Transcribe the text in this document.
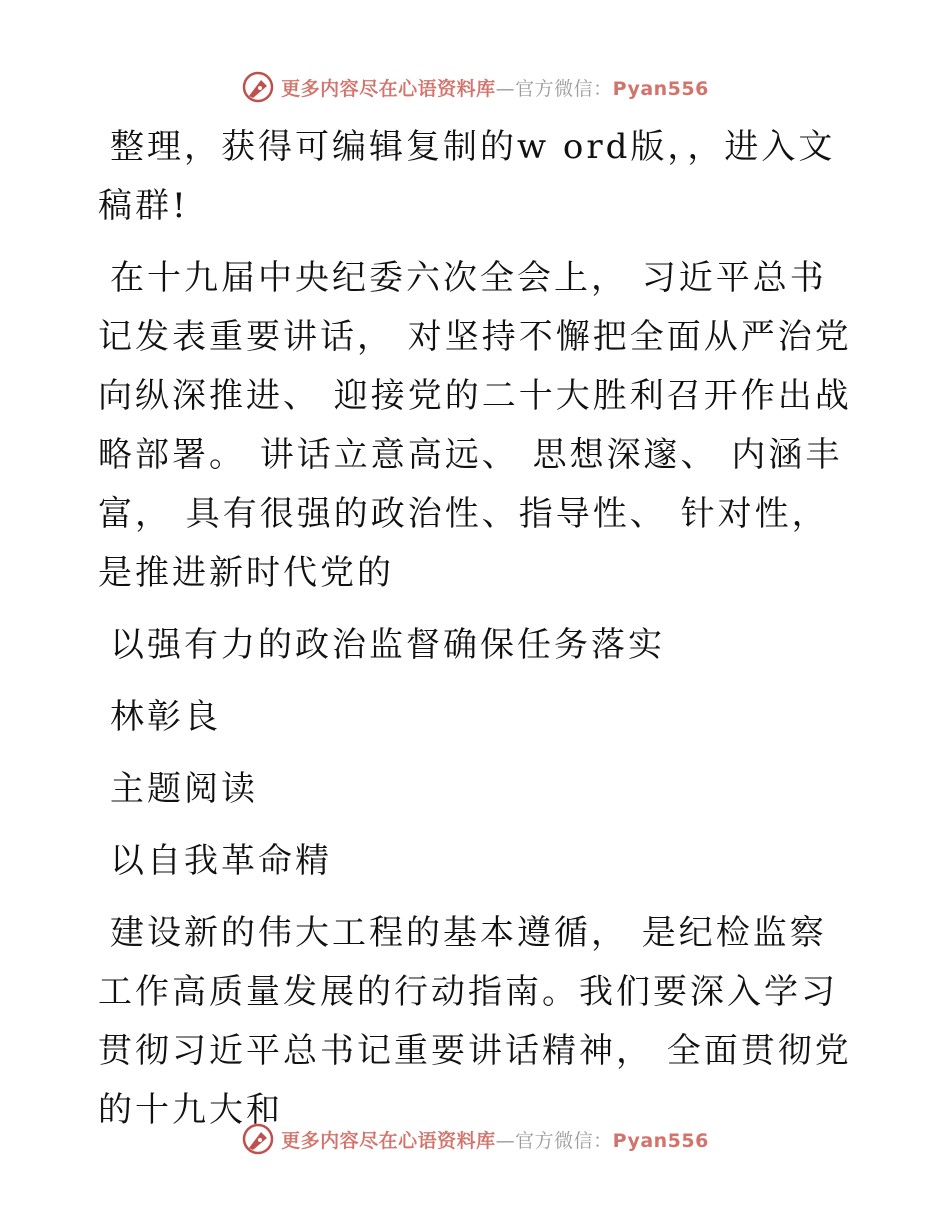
更多内容尽在心语资料库—官方微信：Pyan556

整理，获得可编辑复制的w ord版，，进入文稿群!

在十九届中央纪委六次全会上， 习近平总书记发表重要讲话， 对坚持不懈把全面从严治党向纵深推进、 迎接党的二十大胜利召开作出战略部署。 讲话立意高远、 思想深邃、 内涵丰富， 具有很强的政治性、指导性、 针对性， 是推进新时代党的

以强有力的政治监督确保任务落实

林彰良

主题阅读

以自我革命精

建设新的伟大工程的基本遵循， 是纪检监察工作高质量发展的行动指南。我们要深入学习贯彻习近平总书记重要讲话精神， 全面贯彻党的十九大和

更多内容尽在心语资料库—官方微信：Pyan556
